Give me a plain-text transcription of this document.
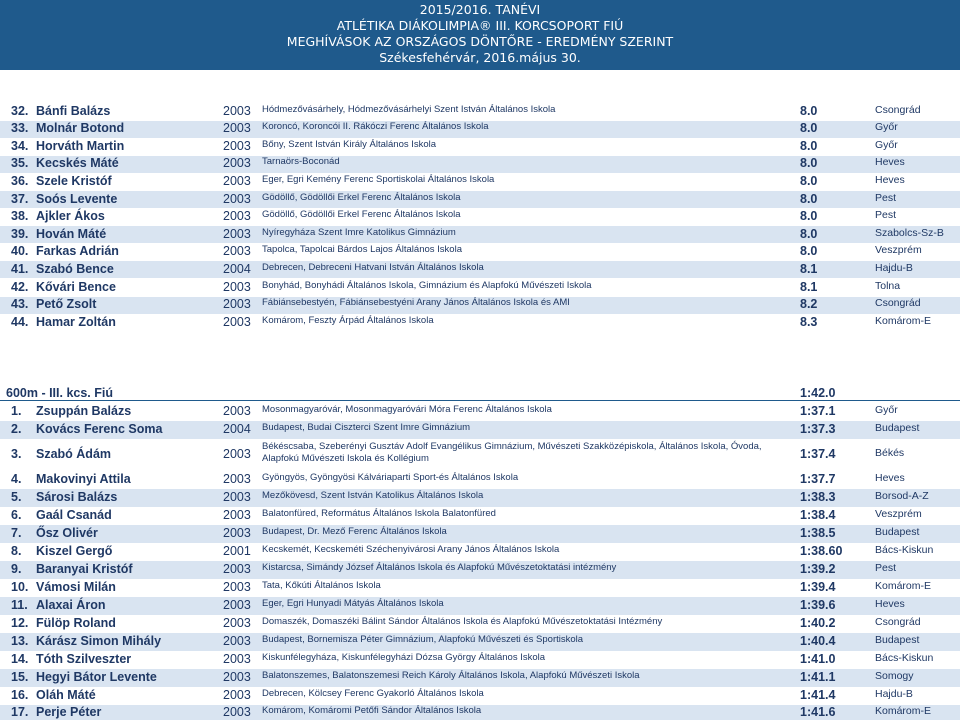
2015/2016. TANÉVI
ATLÉTIKA DIÁKOLIMPIA® III. KORCSOPORT FIÚ
MEGHÍVÁSOK AZ ORSZÁGOS DÖNTŐRE - EREDMÉNY SZERINT
Székesfehérvár, 2016.május 30.
32. Bánfi Balázs	2003 Hódmezővásárhely, Hódmezővásárhelyi Szent István Általános Iskola	8.0	Csongrád
33. Molnár Botond	2003 Koroncó, Koroncói II. Rákóczi Ferenc Általános Iskola	8.0	Győr
34. Horváth Martin	2003 Bőny, Szent István Király Általános Iskola	8.0	Győr
35. Kecskés Máté	2003 Tarnaörs-Boconád	8.0	Heves
36. Szele Kristóf	2003 Eger, Egri Kemény Ferenc Sportiskolai Általános Iskola	8.0	Heves
37. Soós Levente	2003 Gödöllő, Gödöllői Erkel Ferenc Általános Iskola	8.0	Pest
38. Ajkler Ákos	2003 Gödöllő, Gödöllői Erkel Ferenc Általános Iskola	8.0	Pest
39. Hován Máté	2003 Nyíregyháza Szent Imre Katolikus Gimnázium	8.0	Szabolcs-Sz-B
40. Farkas Adrián	2003 Tapolca, Tapolcai Bárdos Lajos Általános Iskola	8.0	Veszprém
41. Szabó Bence	2004 Debrecen, Debreceni Hatvani István Általános Iskola	8.1	Hajdu-B
42. Kővári Bence	2003 Bonyhád, Bonyhádi Általános Iskola, Gimnázium és Alapfokú Művészeti Iskola	8.1	Tolna
43. Pető Zsolt	2003 Fábiánsebestyén, Fábiánsebestyéni Arany János Általános Iskola és AMI	8.2	Csongrád
44. Hamar Zoltán	2003 Komárom, Feszty Árpád Általános Iskola	8.3	Komárom-E
600m - III. kcs. Fiú	1:42.0
1.	Zsuppán Balázs	2003 Mosonmagyaróvár, Mosonmagyaróvári Móra Ferenc Általános Iskola	1:37.1	Győr
2.	Kovács Ferenc Soma	2004 Budapest, Budai Ciszterci Szent Imre Gimnázium	1:37.3	Budapest
3.	Szabó Ádám	2003
Békéscsaba, Szeberényi Gusztáv Adolf Evangélikus Gimnázium, Művészeti Szakközépiskola, Általános Iskola, Óvoda, Alapfokú Művészeti Iskola és Kollégium	1:37.4	Békés
4.	Makovinyi Attila	2003 Gyöngyös, Gyöngyösi Kálváriaparti Sport-és Általános Iskola	1:37.7	Heves
5.	Sárosi Balázs	2003 Mezőkövesd, Szent István Katolikus Általános Iskola	1:38.3	Borsod-A-Z
6.	Gaál Csanád	2003 Balatonfüred, Református Általános Iskola Balatonfüred	1:38.4	Veszprém
7.	Ősz Olivér	2003 Budapest, Dr. Mező Ferenc Általános Iskola	1:38.5	Budapest
8.	Kiszel Gergő	2001 Kecskemét, Kecskeméti Széchenyivárosi Arany János Általános Iskola	1:38.60	Bács-Kiskun
9.	Baranyai Kristóf	2003 Kistarcsa, Simándy József Általános Iskola és Alapfokú Művészetoktatási intézmény	1:39.2	Pest
10. Vámosi Milán	2003 Tata, Kőkúti Általános Iskola	1:39.4	Komárom-E
11. Alaxai Áron	2003 Eger, Egri Hunyadi Mátyás Általános Iskola	1:39.6	Heves
12. Fülöp Roland	2003 Domaszék, Domaszéki Bálint Sándor Általános Iskola és Alapfokú Művészetoktatási Intézmény	1:40.2	Csongrád
13. Kárász Simon Mihály	2003 Budapest, Bornemisza Péter Gimnázium, Alapfokú Művészeti és Sportiskola	1:40.4	Budapest
14. Tóth Szilveszter	2003 Kiskunfélegyháza, Kiskunfélegyházi Dózsa György Általános Iskola	1:41.0	Bács-Kiskun
15. Hegyi Bátor Levente	2003 Balatonszemes, Balatonszemesi Reich Károly Általános Iskola, Alapfokú Művészeti Iskola	1:41.1	Somogy
16. Oláh Máté	2003 Debrecen, Kölcsey Ferenc Gyakorló Általános Iskola	1:41.4	Hajdu-B
17. Perje Péter	2003 Komárom, Komáromi Petőfi Sándor Általános Iskola	1:41.6	Komárom-E
